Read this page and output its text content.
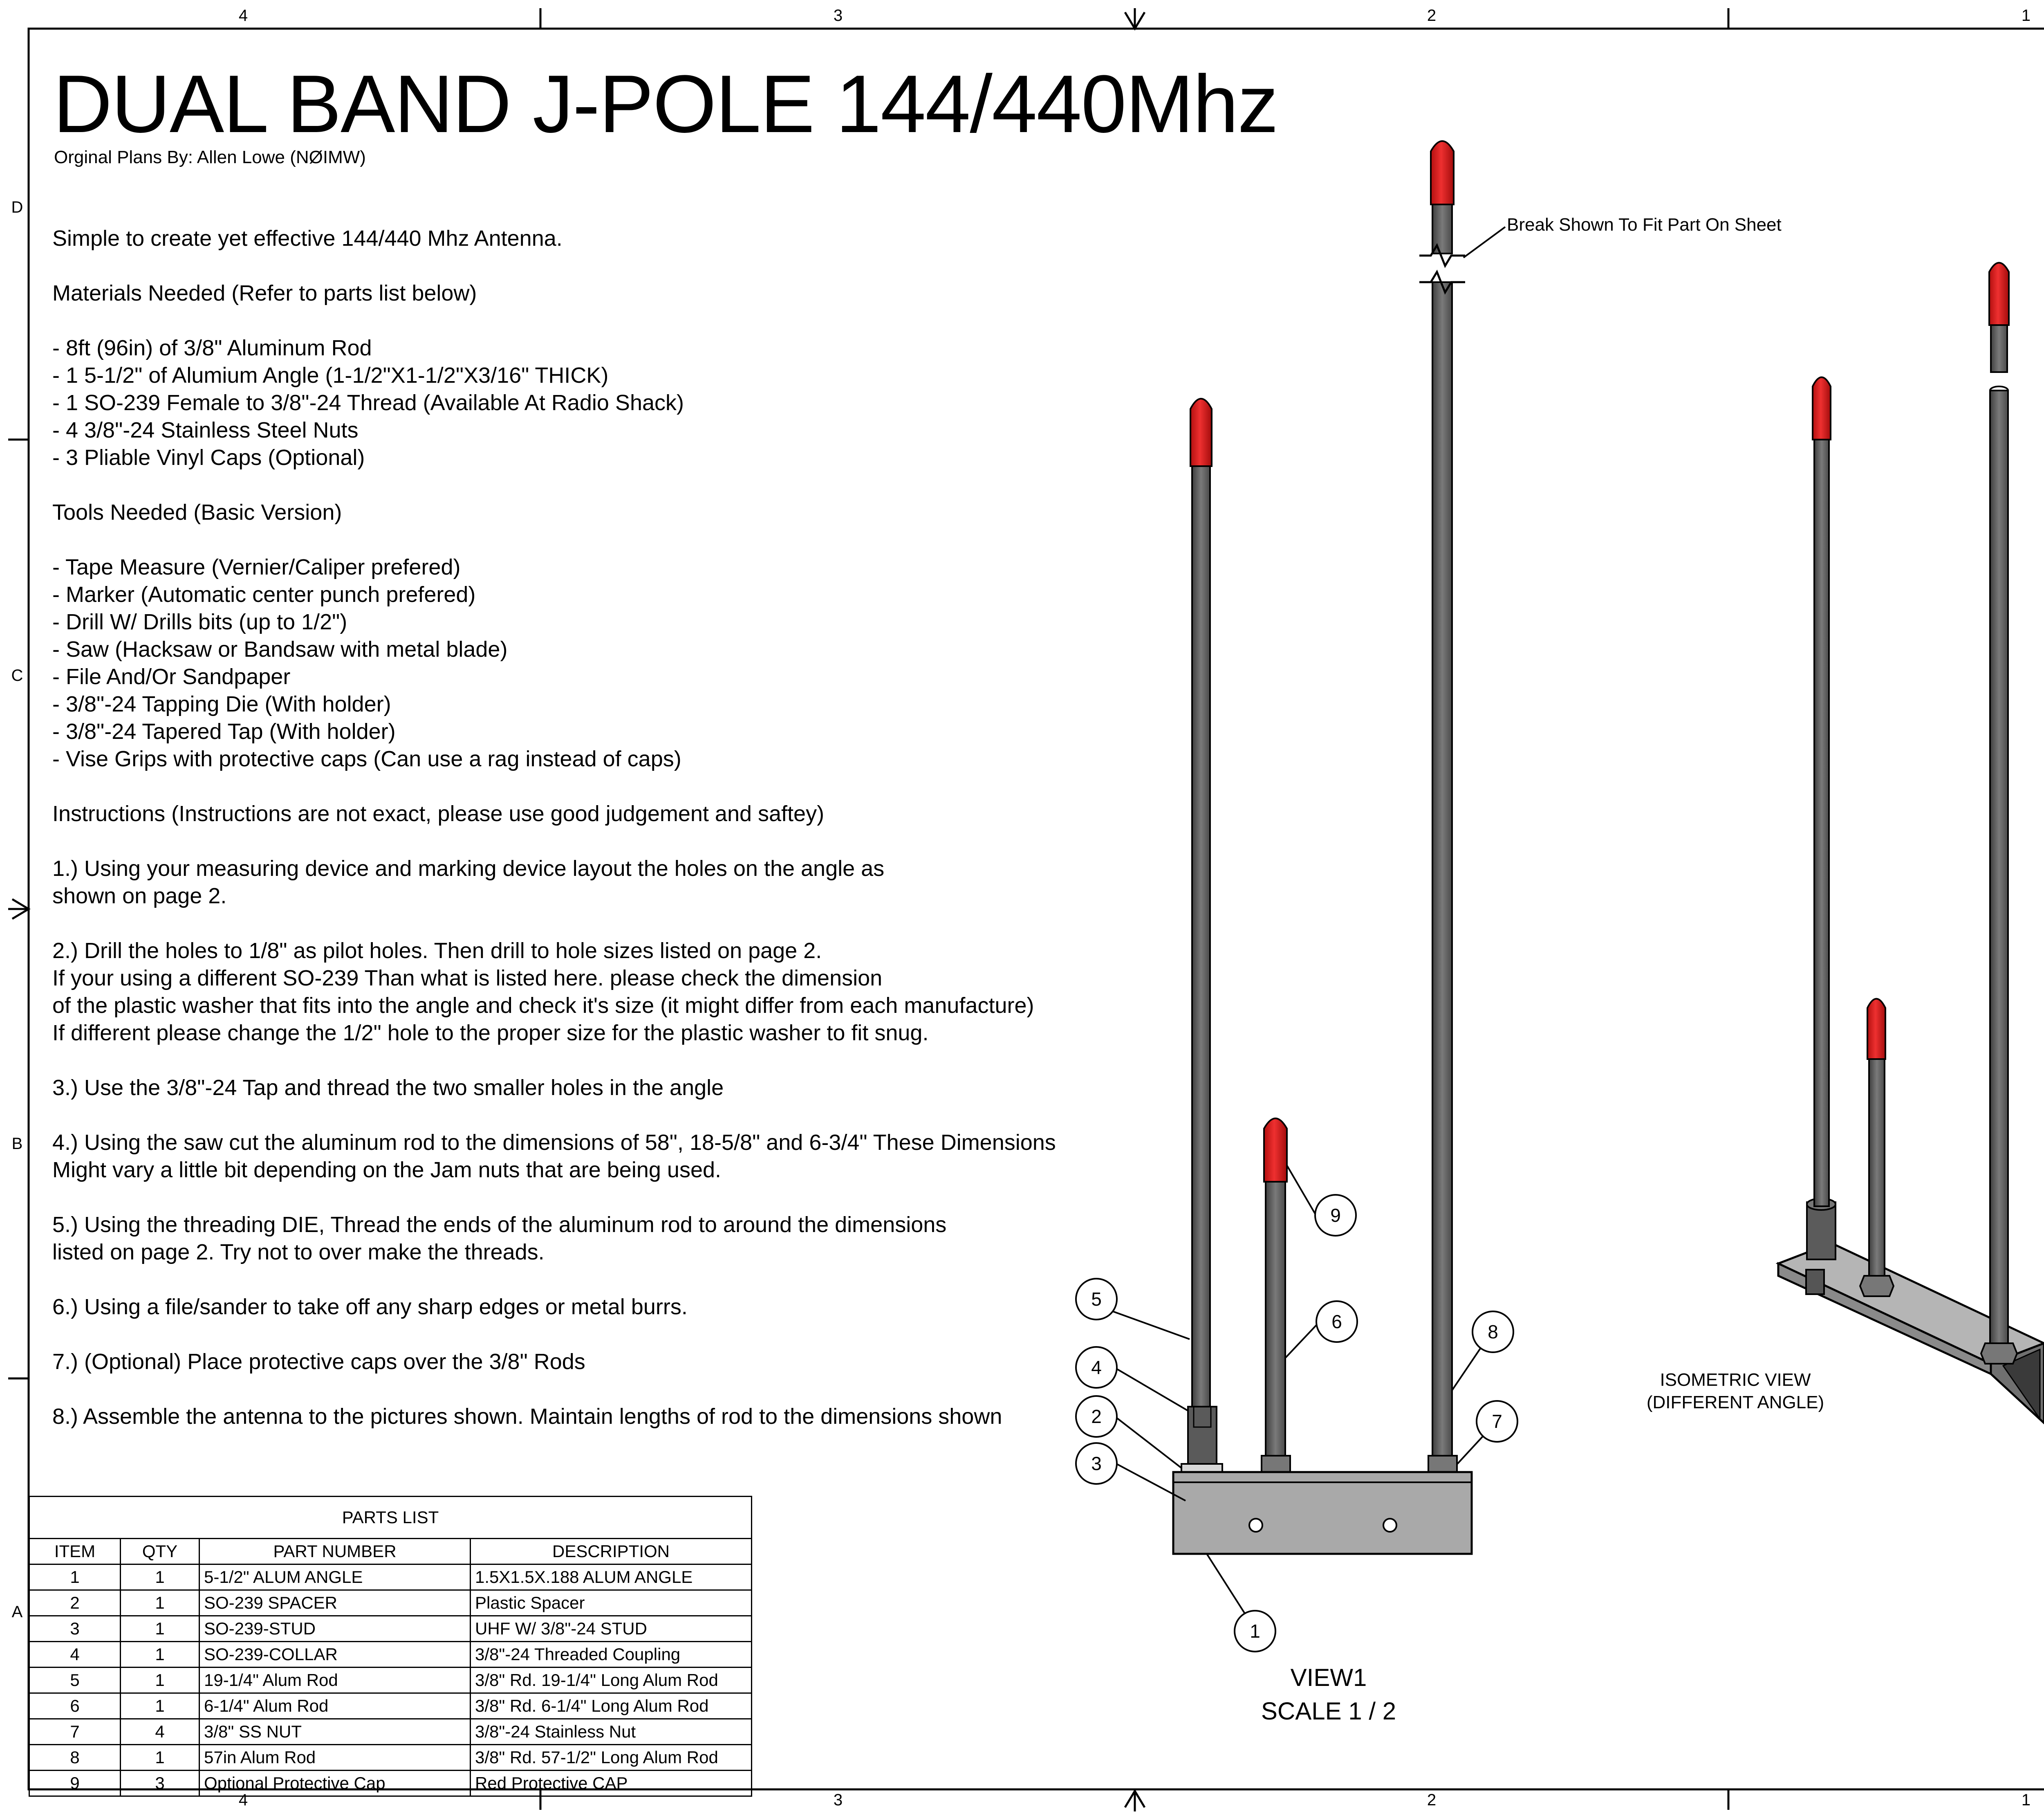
4	3	2	1
4	3	2	1
D
C
B
A
DUAL BAND J-POLE 144/440Mhz
Orginal Plans By: Allen Lowe (NØIMW)
Simple to create yet effective 144/440 Mhz Antenna.
Materials Needed (Refer to parts list below)
- 8ft (96in) of 3/8" Aluminum Rod
- 1 5-1/2" of Alumium Angle (1-1/2"X1-1/2"X3/16" THICK)
- 1 SO-239 Female to 3/8"-24 Thread (Available At Radio Shack)
- 4 3/8"-24 Stainless Steel Nuts
- 3 Pliable Vinyl Caps (Optional)
Tools Needed (Basic Version)
- Tape Measure (Vernier/Caliper prefered)
- Marker (Automatic center punch prefered)
- Drill W/ Drills bits (up to 1/2")
- Saw (Hacksaw or Bandsaw with metal blade)
- File And/Or Sandpaper
- 3/8"-24 Tapping Die (With holder)
- 3/8"-24 Tapered Tap (With holder)
- Vise Grips with protective caps (Can use a rag instead of caps)
Instructions (Instructions are not exact, please use good judgement and saftey)
1.) Using your measuring device and marking device layout the holes on the angle as
shown on page 2.
2.) Drill the holes to 1/8" as pilot holes. Then drill to hole sizes listed on page 2.
If your using a different SO-239 Than what is listed here. please check the dimension
of the plastic washer that fits into the angle and check it's size (it might differ from each manufacture)
If different please change the 1/2" hole to the proper size for the plastic washer to fit snug.
3.) Use the 3/8"-24 Tap and thread the two smaller holes in the angle
4.) Using the saw cut the aluminum rod to the dimensions of 58", 18-5/8" and 6-3/4" These Dimensions
Might vary a little bit depending on the Jam nuts that are being used.
5.) Using the threading DIE, Thread the ends of the aluminum rod to around the dimensions
listed on page 2. Try not to over make the threads.
6.) Using a file/sander to take off any sharp edges or metal burrs.
7.) (Optional) Place protective caps over the 3/8" Rods
8.) Assemble the antenna to the pictures shown. Maintain lengths of rod to the dimensions shown
PARTS LIST			
ITEM	QTY	PART NUMBER	DESCRIPTION
1	1	5-1/2" ALUM ANGLE	1.5X1.5X.188 ALUM ANGLE
2	1	SO-239 SPACER	Plastic Spacer
3	1	SO-239-STUD	UHF W/ 3/8"-24 STUD
4	1	SO-239-COLLAR	3/8"-24 Threaded Coupling
5	1	19-1/4" Alum Rod	3/8" Rd. 19-1/4" Long Alum Rod
6	1	6-1/4" Alum Rod	3/8" Rd. 6-1/4" Long Alum Rod
7	4	3/8" SS NUT	3/8"-24 Stainless Nut
8	1	57in Alum Rod	3/8" Rd. 57-1/2" Long Alum Rod
9	3	Optional Protective Cap	Red Protective CAP
1
2
3
4
5
6
7
8
9
Break Shown To Fit Part On Sheet
VIEW1
SCALE 1 / 2
ISOMETRIC VIEW
(DIFFERENT ANGLE)
